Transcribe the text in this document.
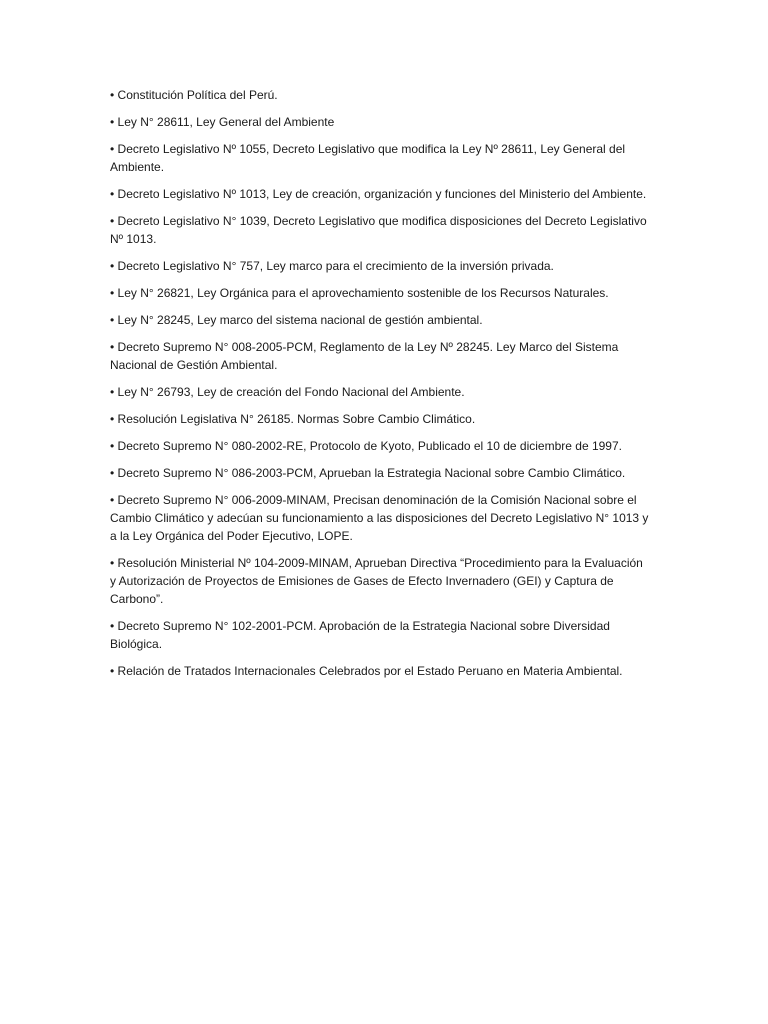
• Constitución Política del Perú.
• Ley N° 28611, Ley General del Ambiente
• Decreto Legislativo Nº 1055, Decreto Legislativo que modifica la Ley Nº 28611, Ley General del Ambiente.
• Decreto Legislativo Nº 1013, Ley de creación, organización y funciones del Ministerio del Ambiente.
• Decreto Legislativo N° 1039, Decreto Legislativo que modifica disposiciones del Decreto Legislativo Nº 1013.
• Decreto Legislativo N° 757, Ley marco para el crecimiento de la inversión privada.
• Ley N° 26821, Ley Orgánica para el aprovechamiento sostenible de los Recursos Naturales.
• Ley N° 28245, Ley marco del sistema nacional de gestión ambiental.
• Decreto Supremo N° 008-2005-PCM, Reglamento de la Ley Nº 28245. Ley Marco del Sistema Nacional de Gestión Ambiental.
• Ley N° 26793, Ley de creación del Fondo Nacional del Ambiente.
• Resolución Legislativa N° 26185. Normas Sobre Cambio Climático.
• Decreto Supremo N° 080-2002-RE, Protocolo de Kyoto, Publicado el 10 de diciembre de 1997.
• Decreto Supremo N° 086-2003-PCM, Aprueban la Estrategia Nacional sobre Cambio Climático.
• Decreto Supremo N° 006-2009-MINAM, Precisan denominación de la Comisión Nacional sobre el Cambio Climático y adecúan su funcionamiento a las disposiciones del Decreto Legislativo N° 1013 y a la Ley Orgánica del Poder Ejecutivo, LOPE.
• Resolución Ministerial Nº 104-2009-MINAM, Aprueban Directiva “Procedimiento para la Evaluación y Autorización de Proyectos de Emisiones de Gases de Efecto Invernadero (GEI) y Captura de Carbono”.
• Decreto Supremo N° 102-2001-PCM. Aprobación de la Estrategia Nacional sobre Diversidad Biológica.
• Relación de Tratados Internacionales Celebrados por el Estado Peruano en Materia Ambiental.
